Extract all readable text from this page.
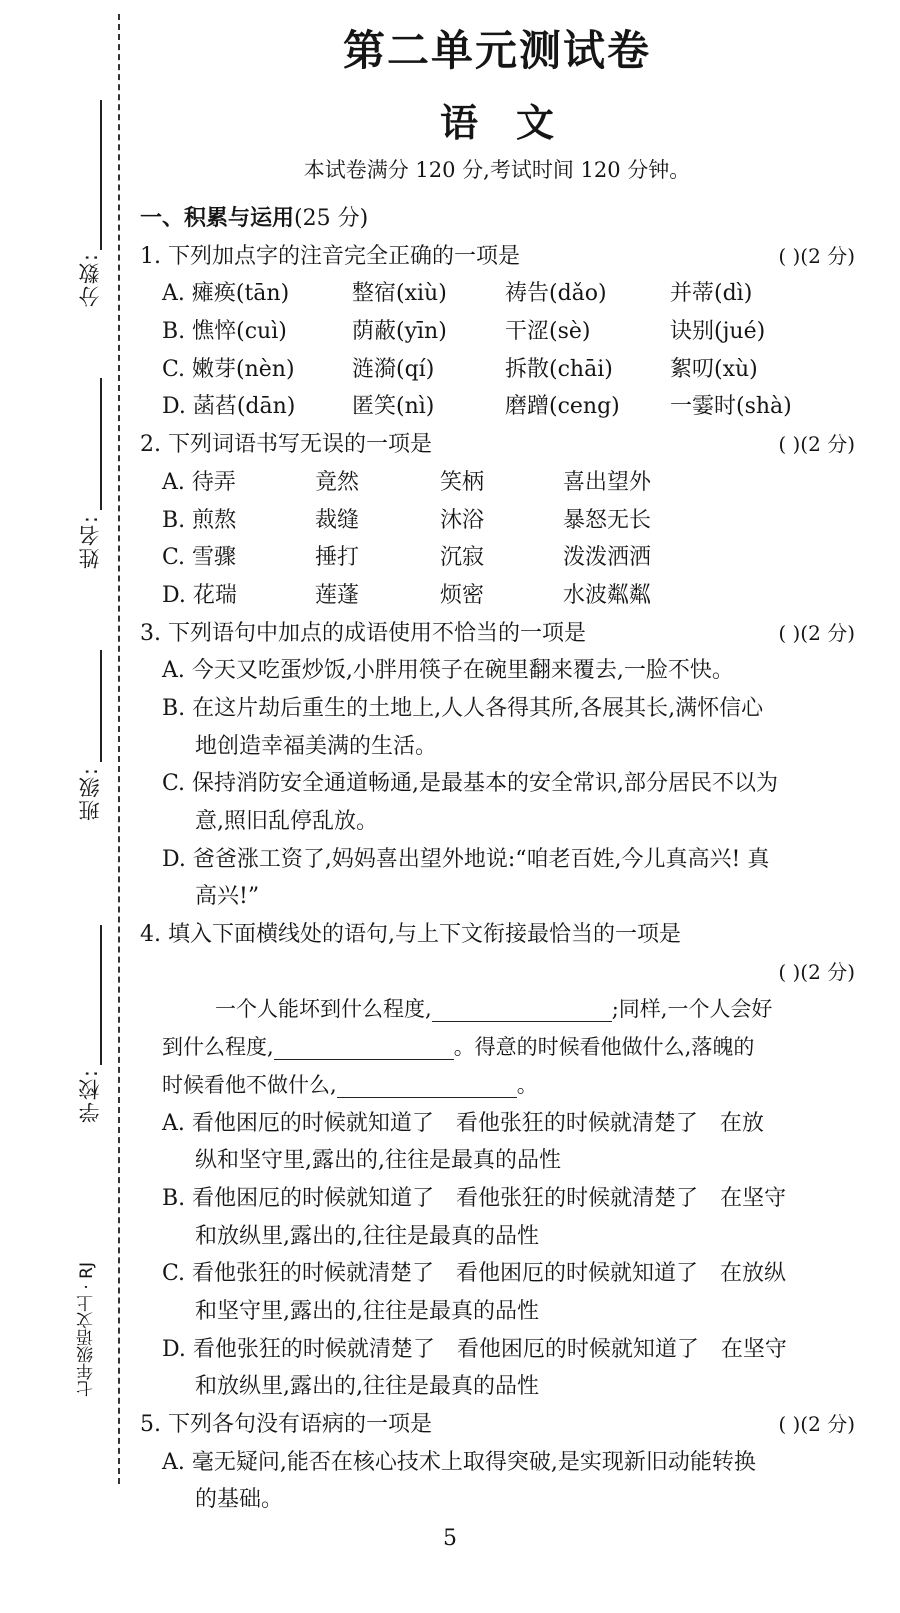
分数:
姓名:
班级:
学校:
七年级语文上 · RJ
第二单元测试卷
语文
本试卷满分 120 分,考试时间 120 分钟。
一、积累与运用(25 分)
1. 下列加点字的注音完全正确的一项是	( )(2 分)
A. 瘫痪(tān)	整宿(xiù)	祷告(dǎo)	并蒂(dì)
B. 憔悴(cuì)	荫蔽(yīn)	干涩(sè)	诀别(jué)
C. 嫩芽(nèn)	涟漪(qí)	拆散(chāi)	絮叨(xù)
D. 菡萏(dān)	匿笑(nì)	磨蹭(ceng) 一霎时(shà)
2. 下列词语书写无误的一项是	( )(2 分)
A. 待弄	竟然	笑柄	喜出望外
B. 煎熬	裁缝	沐浴	暴怒无长
C. 雪骤	捶打	沉寂	泼泼洒洒
D. 花瑞	莲蓬	烦密	水波粼粼
3. 下列语句中加点的成语使用不恰当的一项是	( )(2 分)
A. 今天又吃蛋炒饭,小胖用筷子在碗里翻来覆去,一脸不快。
B. 在这片劫后重生的土地上,人人各得其所,各展其长,满怀信心
地创造幸福美满的生活。
C. 保持消防安全通道畅通,是最基本的安全常识,部分居民不以为
意,照旧乱停乱放。
D. 爸爸涨工资了,妈妈喜出望外地说:“咱老百姓,今儿真高兴! 真
高兴!”
4. 填入下面横线处的语句,与上下文衔接最恰当的一项是
( )(2 分)
一个人能坏到什么程度,	;同样,一个人会好
到什么程度,	。得意的时候看他做什么,落魄的
时候看他不做什么,	。
A. 看他困厄的时候就知道了　看他张狂的时候就清楚了　在放
纵和坚守里,露出的,往往是最真的品性
B. 看他困厄的时候就知道了　看他张狂的时候就清楚了　在坚守
和放纵里,露出的,往往是最真的品性
C. 看他张狂的时候就清楚了　看他困厄的时候就知道了　在放纵
和坚守里,露出的,往往是最真的品性
D. 看他张狂的时候就清楚了　看他困厄的时候就知道了　在坚守
和放纵里,露出的,往往是最真的品性
5. 下列各句没有语病的一项是	( )(2 分)
A. 毫无疑问,能否在核心技术上取得突破,是实现新旧动能转换
的基础。
5
